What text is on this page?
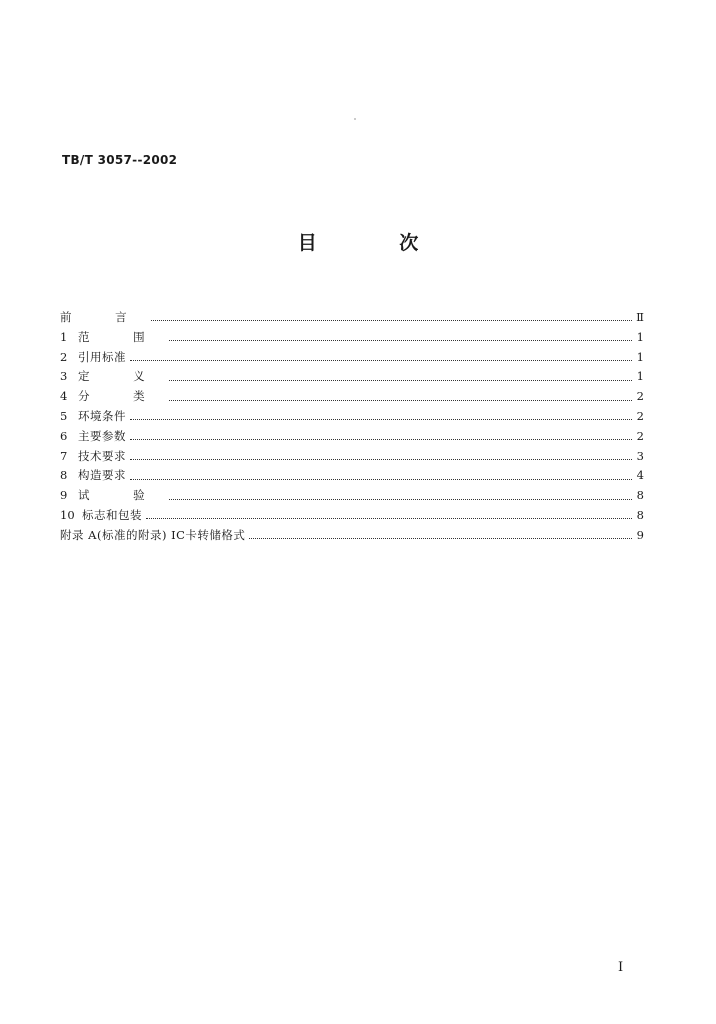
TB/T 3057--2002
目 次
前 言	Ⅱ
1 范 围	1
2 引用标准	1
3 定 义	1
4 分 类	2
5 环境条件	2
6 主要参数	2
7 技术要求	3
8 构造要求	4
9 试 验	8
10 标志和包装	8
附录 A(标准的附录) IC卡转储格式	9
I
